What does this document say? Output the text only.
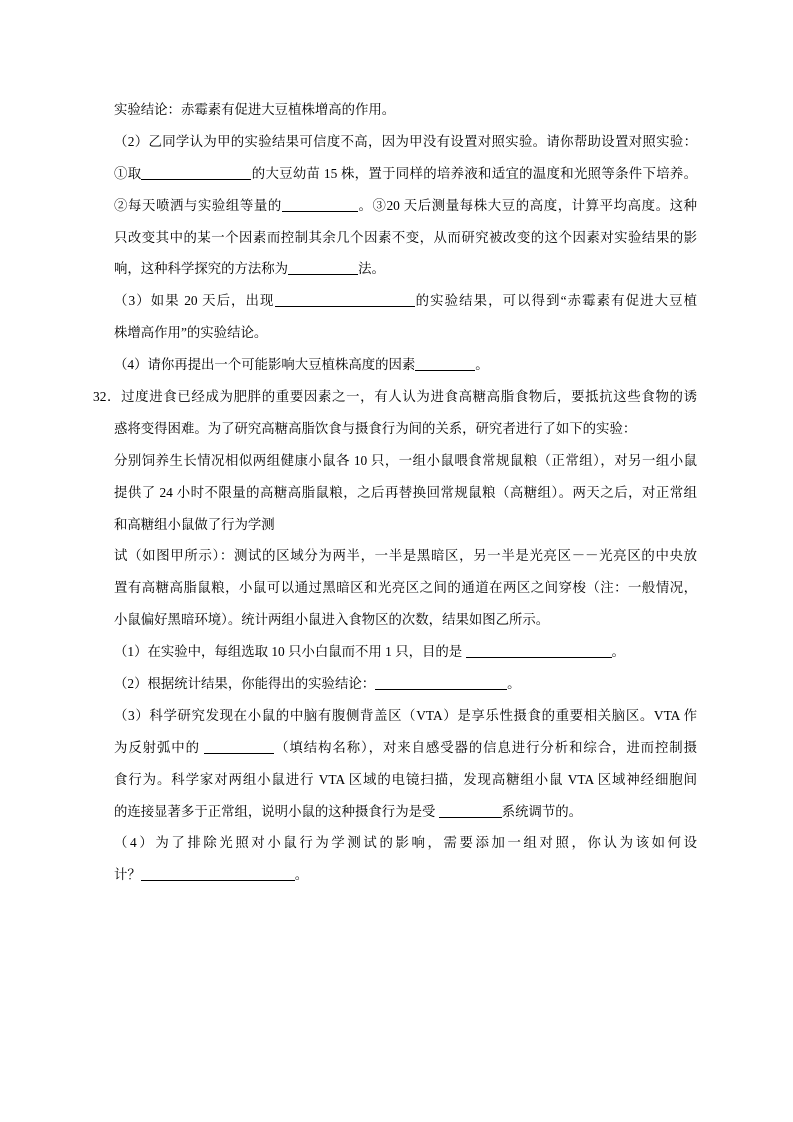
实验结论：赤霉素有促进大豆植株增高的作用。
（2）乙同学认为甲的实验结果可信度不高，因为甲没有设置对照实验。请你帮助设置对照实验：
①取	的大豆幼苗 15 株，置于同样的培养液和适宜的温度和光照等条件下培养。
②每天喷洒与实验组等量的	。③20 天后测量每株大豆的高度，计算平均高度。这种
只改变其中的某一个因素而控制其余几个因素不变，从而研究被改变的这个因素对实验结果的影
响，这种科学探究的方法称为	法。
（3）如果 20 天后，出现	的实验结果，可以得到“赤霉素有促进大豆植
株增高作用”的实验结论。
（4）请你再提出一个可能影响大豆植株高度的因素	。
32．过度进食已经成为肥胖的重要因素之一，有人认为进食高糖高脂食物后，要抵抗这些食物的诱
惑将变得困难。为了研究高糖高脂饮食与摄食行为间的关系，研究者进行了如下的实验：
分别饲养生长情况相似两组健康小鼠各 10 只，一组小鼠喂食常规鼠粮（正常组），对另一组小鼠
提供了 24 小时不限量的高糖高脂鼠粮，之后再替换回常规鼠粮（高糖组）。两天之后，对正常组
和高糖组小鼠做了行为学测
试（如图甲所示）：测试的区域分为两半，一半是黑暗区，另一半是光亮区－－光亮区的中央放
置有高糖高脂鼠粮，小鼠可以通过黑暗区和光亮区之间的通道在两区之间穿梭（注：一般情况，
小鼠偏好黑暗环境）。统计两组小鼠进入食物区的次数，结果如图乙所示。
（1）在实验中，每组选取 10 只小白鼠而不用 1 只，目的是	。
（2）根据统计结果，你能得出的实验结论：	。
（3）科学研究发现在小鼠的中脑有腹侧背盖区（VTA）是享乐性摄食的重要相关脑区。VTA 作
为反射弧中的	（填结构名称），对来自感受器的信息进行分析和综合，进而控制摄
食行为。科学家对两组小鼠进行 VTA 区域的电镜扫描，发现高糖组小鼠 VTA 区域神经细胞间
的连接显著多于正常组，说明小鼠的这种摄食行为是受	系统调节的。
（4）为了排除光照对小鼠行为学测试的影响，需要添加一组对照，你认为该如何设
计？	。
